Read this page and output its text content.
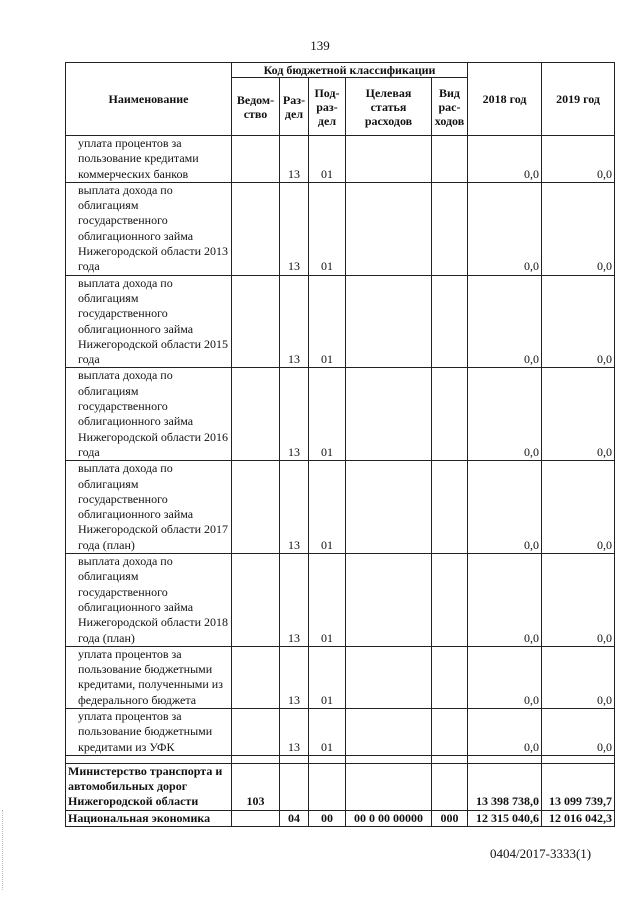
139
Наименование	Код бюджетной классификации					2018 год	2019 год
	Ведом-ство	Раз-дел	Под-раз-дел	Целевая статья расходов	Вид рас-ходов		

уплата процентов за пользование кредитами коммерческих банков		13	01			0,0	0,0

выплата дохода по облигациям государственного облигационного займа Нижегородской области 2013 года		13	01			0,0	0,0

выплата дохода по облигациям государственного облигационного займа Нижегородской области 2015 года		13	01			0,0	0,0

выплата дохода по облигациям государственного облигационного займа Нижегородской области 2016 года		13	01			0,0	0,0

выплата дохода по облигациям государственного облигационного займа Нижегородской области 2017 года (план)		13	01			0,0	0,0

выплата дохода по облигациям государственного облигационного займа Нижегородской области 2018 года (план)		13	01			0,0	0,0

уплата процентов за пользование бюджетными кредитами, полученными из федерального бюджета		13	01			0,0	0,0

уплата процентов за пользование бюджетными кредитами из УФК		13	01			0,0	0,0

Министерство транспорта и автомобильных дорог Нижегородской области	103					13 398 738,0	13 099 739,7
Национальная экономика		04	00	00 0 00 00000	000	12 315 040,6	12 016 042,3
0404/2017-3333(1)
